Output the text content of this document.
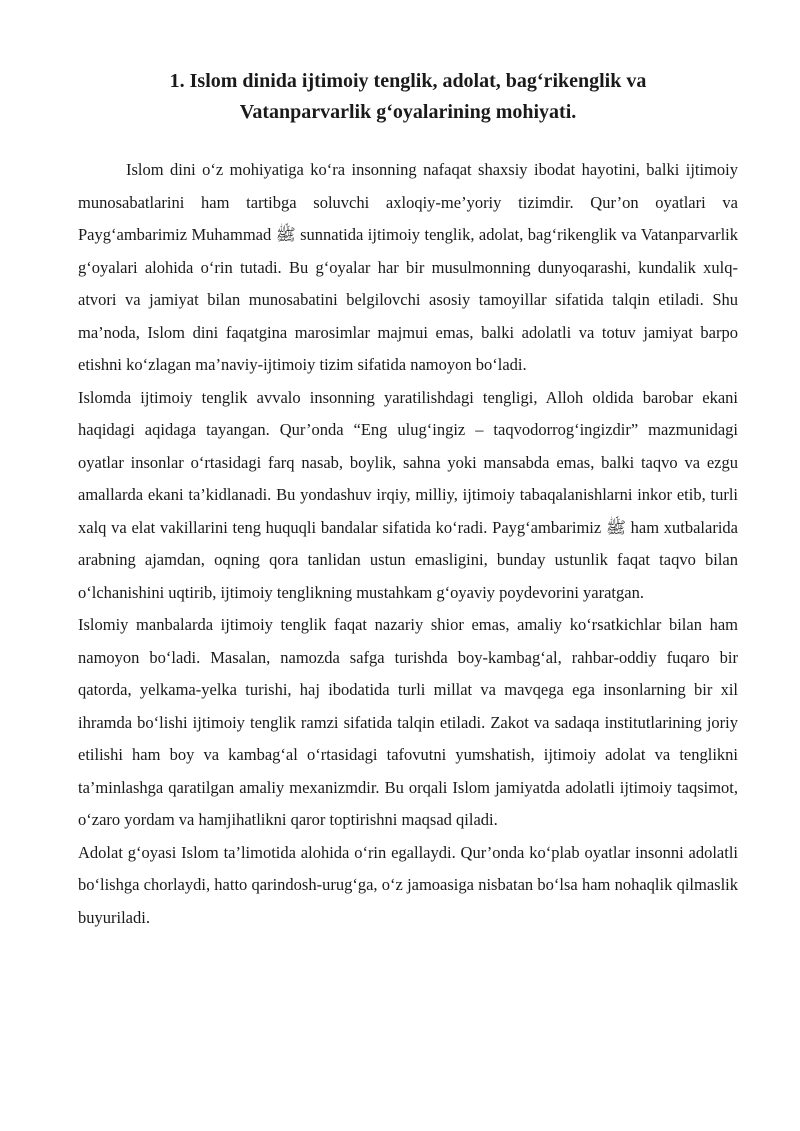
1. Islom dinida ijtimoiy tenglik, adolat, bag‘rikenglik va
Vatanparvarlik g‘oyalarining mohiyati.

Islom dini o‘z mohiyatiga ko‘ra insonning nafaqat shaxsiy ibodat hayotini, balki ijtimoiy munosabatlarini ham tartibga soluvchi axloqiy-me’yoriy tizimdir. Qur’on oyatlari va Payg‘ambarimiz Muhammad ﷺ sunnatida ijtimoiy tenglik, adolat, bag‘rikenglik va Vatanparvarlik g‘oyalari alohida o‘rin tutadi. Bu g‘oyalar har bir musulmonning dunyoqarashi, kundalik xulq-atvori va jamiyat bilan munosabatini belgilovchi asosiy tamoyillar sifatida talqin etiladi. Shu ma’noda, Islom dini faqatgina marosimlar majmui emas, balki adolatli va totuv jamiyat barpo etishni ko‘zlagan ma’naviy-ijtimoiy tizim sifatida namoyon bo‘ladi.

Islomda ijtimoiy tenglik avvalo insonning yaratilishdagi tengligi, Alloh oldida barobar ekani haqidagi aqidaga tayangan. Qur’onda “Eng ulug‘ingiz – taqvodorrog‘ingizdir” mazmunidagi oyatlar insonlar o‘rtasidagi farq nasab, boylik, sahna yoki mansabda emas, balki taqvo va ezgu amallarda ekani ta’kidlanadi. Bu yondashuv irqiy, milliy, ijtimoiy tabaqalanishlarni inkor etib, turli xalq va elat vakillarini teng huquqli bandalar sifatida ko‘radi. Payg‘ambarimiz ﷺ ham xutbalarida arabning ajamdan, oqning qora tanlidan ustun emasligini, bunday ustunlik faqat taqvo bilan o‘lchanishini uqtirib, ijtimoiy tenglikning mustahkam g‘oyaviy poydevorini yaratgan.

Islomiy manbalarda ijtimoiy tenglik faqat nazariy shior emas, amaliy ko‘rsatkichlar bilan ham namoyon bo‘ladi. Masalan, namozda safga turishda boy-kambag‘al, rahbar-oddiy fuqaro bir qatorda, yelkama-yelka turishi, haj ibodatida turli millat va mavqega ega insonlarning bir xil ihramda bo‘lishi ijtimoiy tenglik ramzi sifatida talqin etiladi. Zakot va sadaqa institutlarining joriy etilishi ham boy va kambag‘al o‘rtasidagi tafovutni yumshatish, ijtimoiy adolat va tenglikni ta’minlashga qaratilgan amaliy mexanizmdir. Bu orqali Islom jamiyatda adolatli ijtimoiy taqsimot, o‘zaro yordam va hamjihatlikni qaror toptirishni maqsad qiladi.

Adolat g‘oyasi Islom ta’limotida alohida o‘rin egallaydi. Qur’onda ko‘plab oyatlar insonni adolatli bo‘lishga chorlaydi, hatto qarindosh-urug‘ga, o‘z jamoasiga nisbatan bo‘lsa ham nohaqlik qilmaslik buyuriladi.
